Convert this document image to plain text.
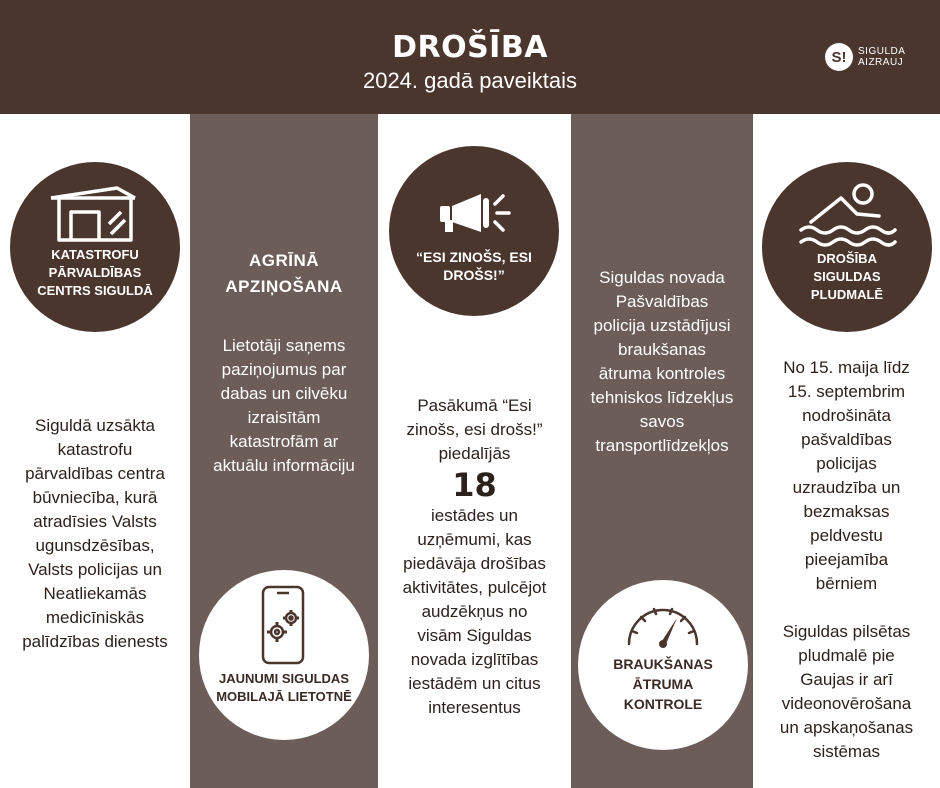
DROŠĪBA
2024. gadā paveiktais
S!	SIGULDA
AIZRAUJ
KATASTROFU
PĀRVALDĪBAS
CENTRS SIGULDĀ
Siguldā uzsākta
katastrofu
pārvaldības centra
būvniecība, kurā
atradīsies Valsts
ugunsdzēsības,
Valsts policijas un
Neatliekamās
medicīniskās
palīdzības dienests
AGRĪNĀ
APZIŅOŠANA
Lietotāji saņems
paziņojumus par
dabas un cilvēku
izraisītām
katastrofām ar
aktuālu informāciju
JAUNUMI SIGULDAS
MOBILAJĀ LIETOTNĒ
“ESI ZINOŠS, ESI
DROŠS!”
Pasākumā “Esi
zinošs, esi drošs!”
piedalījās
18
iestādes un
uzņēmumi, kas
piedāvāja drošības
aktivitātes, pulcējot
audzēkņus no
visām Siguldas
novada izglītības
iestādēm un citus
interesentus
Siguldas novada
Pašvaldības
policija uzstādījusi
braukšanas
ātruma kontroles
tehniskos līdzekļus
savos
transportlīdzekļos
BRAUKŠANAS
ĀTRUMA
KONTROLE
DROŠĪBA
SIGULDAS
PLUDMALĒ
No 15. maija līdz
15. septembrim
nodrošināta
pašvaldības
policijas
uzraudzība un
bezmaksas
peldvestu
pieejamība
bērniem
Siguldas pilsētas
pludmalē pie
Gaujas ir arī
videonovērošana
un apskaņošanas
sistēmas
